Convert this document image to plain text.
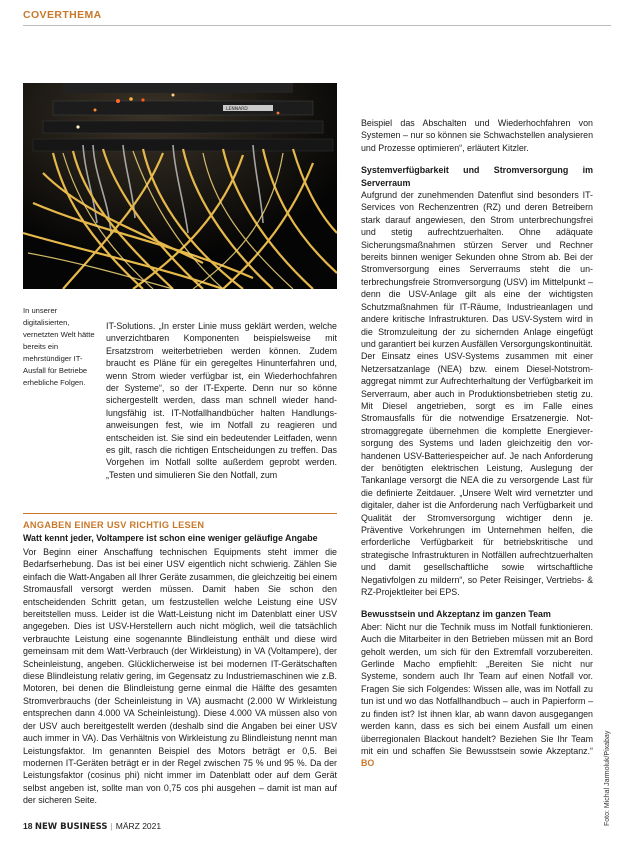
COVERTHEMA
LENNARD
In unserer digitalisierten, vernetzten Welt hätte bereits ein mehrstündiger IT-Ausfall für Betriebe erhebliche Folgen.

IT-Solutions. „In erster Linie muss geklärt werden, welche unverzichtbaren Komponenten beispielsweise mit Ersatzstrom weiterbetrieben werden können. Zudem braucht es Pläne für ein geregeltes Hinunterfahren und, wenn Strom wieder verfügbar ist, ein Wiederhochfahren der Systeme“, so der IT-Experte. Denn nur so könne sichergestellt werden, dass man schnell wieder handlungsfähig ist. IT-Notfallhandbücher halten Handlungsanweisungen fest, wie im Notfall zu reagieren und entscheiden ist. Sie sind ein bedeutender Leitfaden, wenn es gilt, rasch die richtigen Entscheidungen zu treffen. Das Vorgehen im Notfall sollte außerdem geprobt werden. „Testen und simulieren Sie den Notfall, zum

Beispiel das Abschalten und Wiederhochfahren von Systemen – nur so können sie Schwachstellen analysieren und Prozesse optimieren“, erläutert Kitzler.

Systemverfügbarkeit und Stromversorgung im Serverraum

Aufgrund der zunehmenden Datenflut sind besonders IT-Services von Rechenzentren (RZ) und deren Betreibern stark darauf angewiesen, den Strom unterbrechungsfrei und stetig aufrechtzuerhalten. Ohne adäquate Sicherungsmaßnahmen stürzen Server und Rechner bereits binnen weniger Sekunden ohne Strom ab. Bei der Stromversorgung eines Serverraums steht die unterbrechungsfreie Stromversorgung (USV) im Mittelpunkt – denn die USV-Anlage gilt als eine der wichtigsten Schutzmaßnahmen für IT-Räume, Industrieanlagen und andere kritische Infrastrukturen. Das USV-System wird in die Stromzuleitung der zu sichernden Anlage eingefügt und garantiert bei kurzen Ausfällen Versorgungskontinuität.

Der Einsatz eines USV-Systems zusammen mit einer Netzersatzanlage (NEA) bzw. einem Diesel-Notstromaggregat nimmt zur Aufrechterhaltung der Verfügbarkeit im Serverraum, aber auch in Produktionsbetrieben stetig zu. Mit Diesel angetrieben, sorgt es im Falle eines Stromausfalls für die notwendige Ersatzenergie. Notstromaggregate übernehmen die komplette Energieversorgung des Systems und laden gleichzeitig den vorhandenen USV-Batteriespeicher auf. Je nach Anforderung der benötigten elektrischen Leistung, Auslegung der Tankanlage versorgt die NEA die zu versorgende Last für die definierte Zeitdauer. „Unsere Welt wird vernetzter und digitaler, daher ist die Anforderung nach Verfügbarkeit und Qualität der Stromversorgung wichtiger denn je. Präventive Vorkehrungen im Unternehmen helfen, die erforderliche Verfügbarkeit für betriebskritische und strategische Infrastrukturen in Notfällen aufrechtzuerhalten und damit gesellschaftliche sowie wirtschaftliche Negativfolgen zu mildern“, so Peter Reisinger, Vertriebs- & RZ-Projektleiter bei EPS.

Bewusstsein und Akzeptanz im ganzen Team

Aber: Nicht nur die Technik muss im Notfall funktionieren. Auch die Mitarbeiter in den Betrieben müssen mit an Bord geholt werden, um sich für den Extremfall vorzubereiten. Gerlinde Macho empfiehlt: „Bereiten Sie nicht nur Systeme, sondern auch Ihr Team auf einen Notfall vor. Fragen Sie sich Folgendes: Wissen alle, was im Notfall zu tun ist und wo das Notfallhandbuch – auch in Papierform – zu finden ist? Ist ihnen klar, ab wann davon ausgegangen werden kann, dass es sich bei einem Ausfall um einen überregionalen Blackout handelt? Beziehen Sie Ihr Team mit ein und schaffen Sie Bewusstsein sowie Akzeptanz.“ BO

ANGABEN EINER USV RICHTIG LESEN
Watt kennt jeder, Voltampere ist schon eine weniger geläufige Angabe
Vor Beginn einer Anschaffung technischen Equipments steht immer die Bedarfserhebung. Das ist bei einer USV eigentlich nicht schwierig. Zählen Sie einfach die Watt-Angaben all Ihrer Geräte zusammen, die gleichzeitig bei einem Stromausfall versorgt werden müssen. Damit haben Sie schon den entscheidenden Schritt getan, um festzustellen welche Leistung eine USV bereitstellen muss. Leider ist die Watt-Leistung nicht im Datenblatt einer USV angegeben. Dies ist USV-Herstellern auch nicht möglich, weil die tatsächlich verbrauchte Leistung eine sogenannte Blindleistung enthält und diese wird gemeinsam mit dem Watt-Verbrauch (der Wirkleistung) in VA (Voltampere), der Scheinleistung, angeben. Glücklicherweise ist bei modernen IT-Gerätschaften diese Blindleistung relativ gering, im Gegensatz zu Industriemaschinen wie z.B. Motoren, bei denen die Blindleistung gerne einmal die Hälfte des gesamten Stromverbrauchs (der Scheinleistung in VA) ausmacht (2.000 W Wirkleistung entsprechen dann 4.000 VA Scheinleistung). Diese 4.000 VA müssen also von der USV auch bereitgestellt werden (deshalb sind die Angaben bei einer USV auch immer in VA). Das Verhältnis von Wirkleistung zu Blindleistung nennt man Leistungsfaktor. Im genannten Beispiel des Motors beträgt er 0,5. Bei modernen IT-Geräten beträgt er in der Regel zwischen 75 % und 95 %. Da der Leistungsfaktor (cosinus phi) nicht immer im Datenblatt oder auf dem Gerät selbst angeben ist, sollte man von 0,75 cos phi ausgehen – damit ist man auf der sicheren Seite.	Foto: Michal Jarmoluk/Pixabay
18 NEW BUSINESS | MÄRZ 2021
